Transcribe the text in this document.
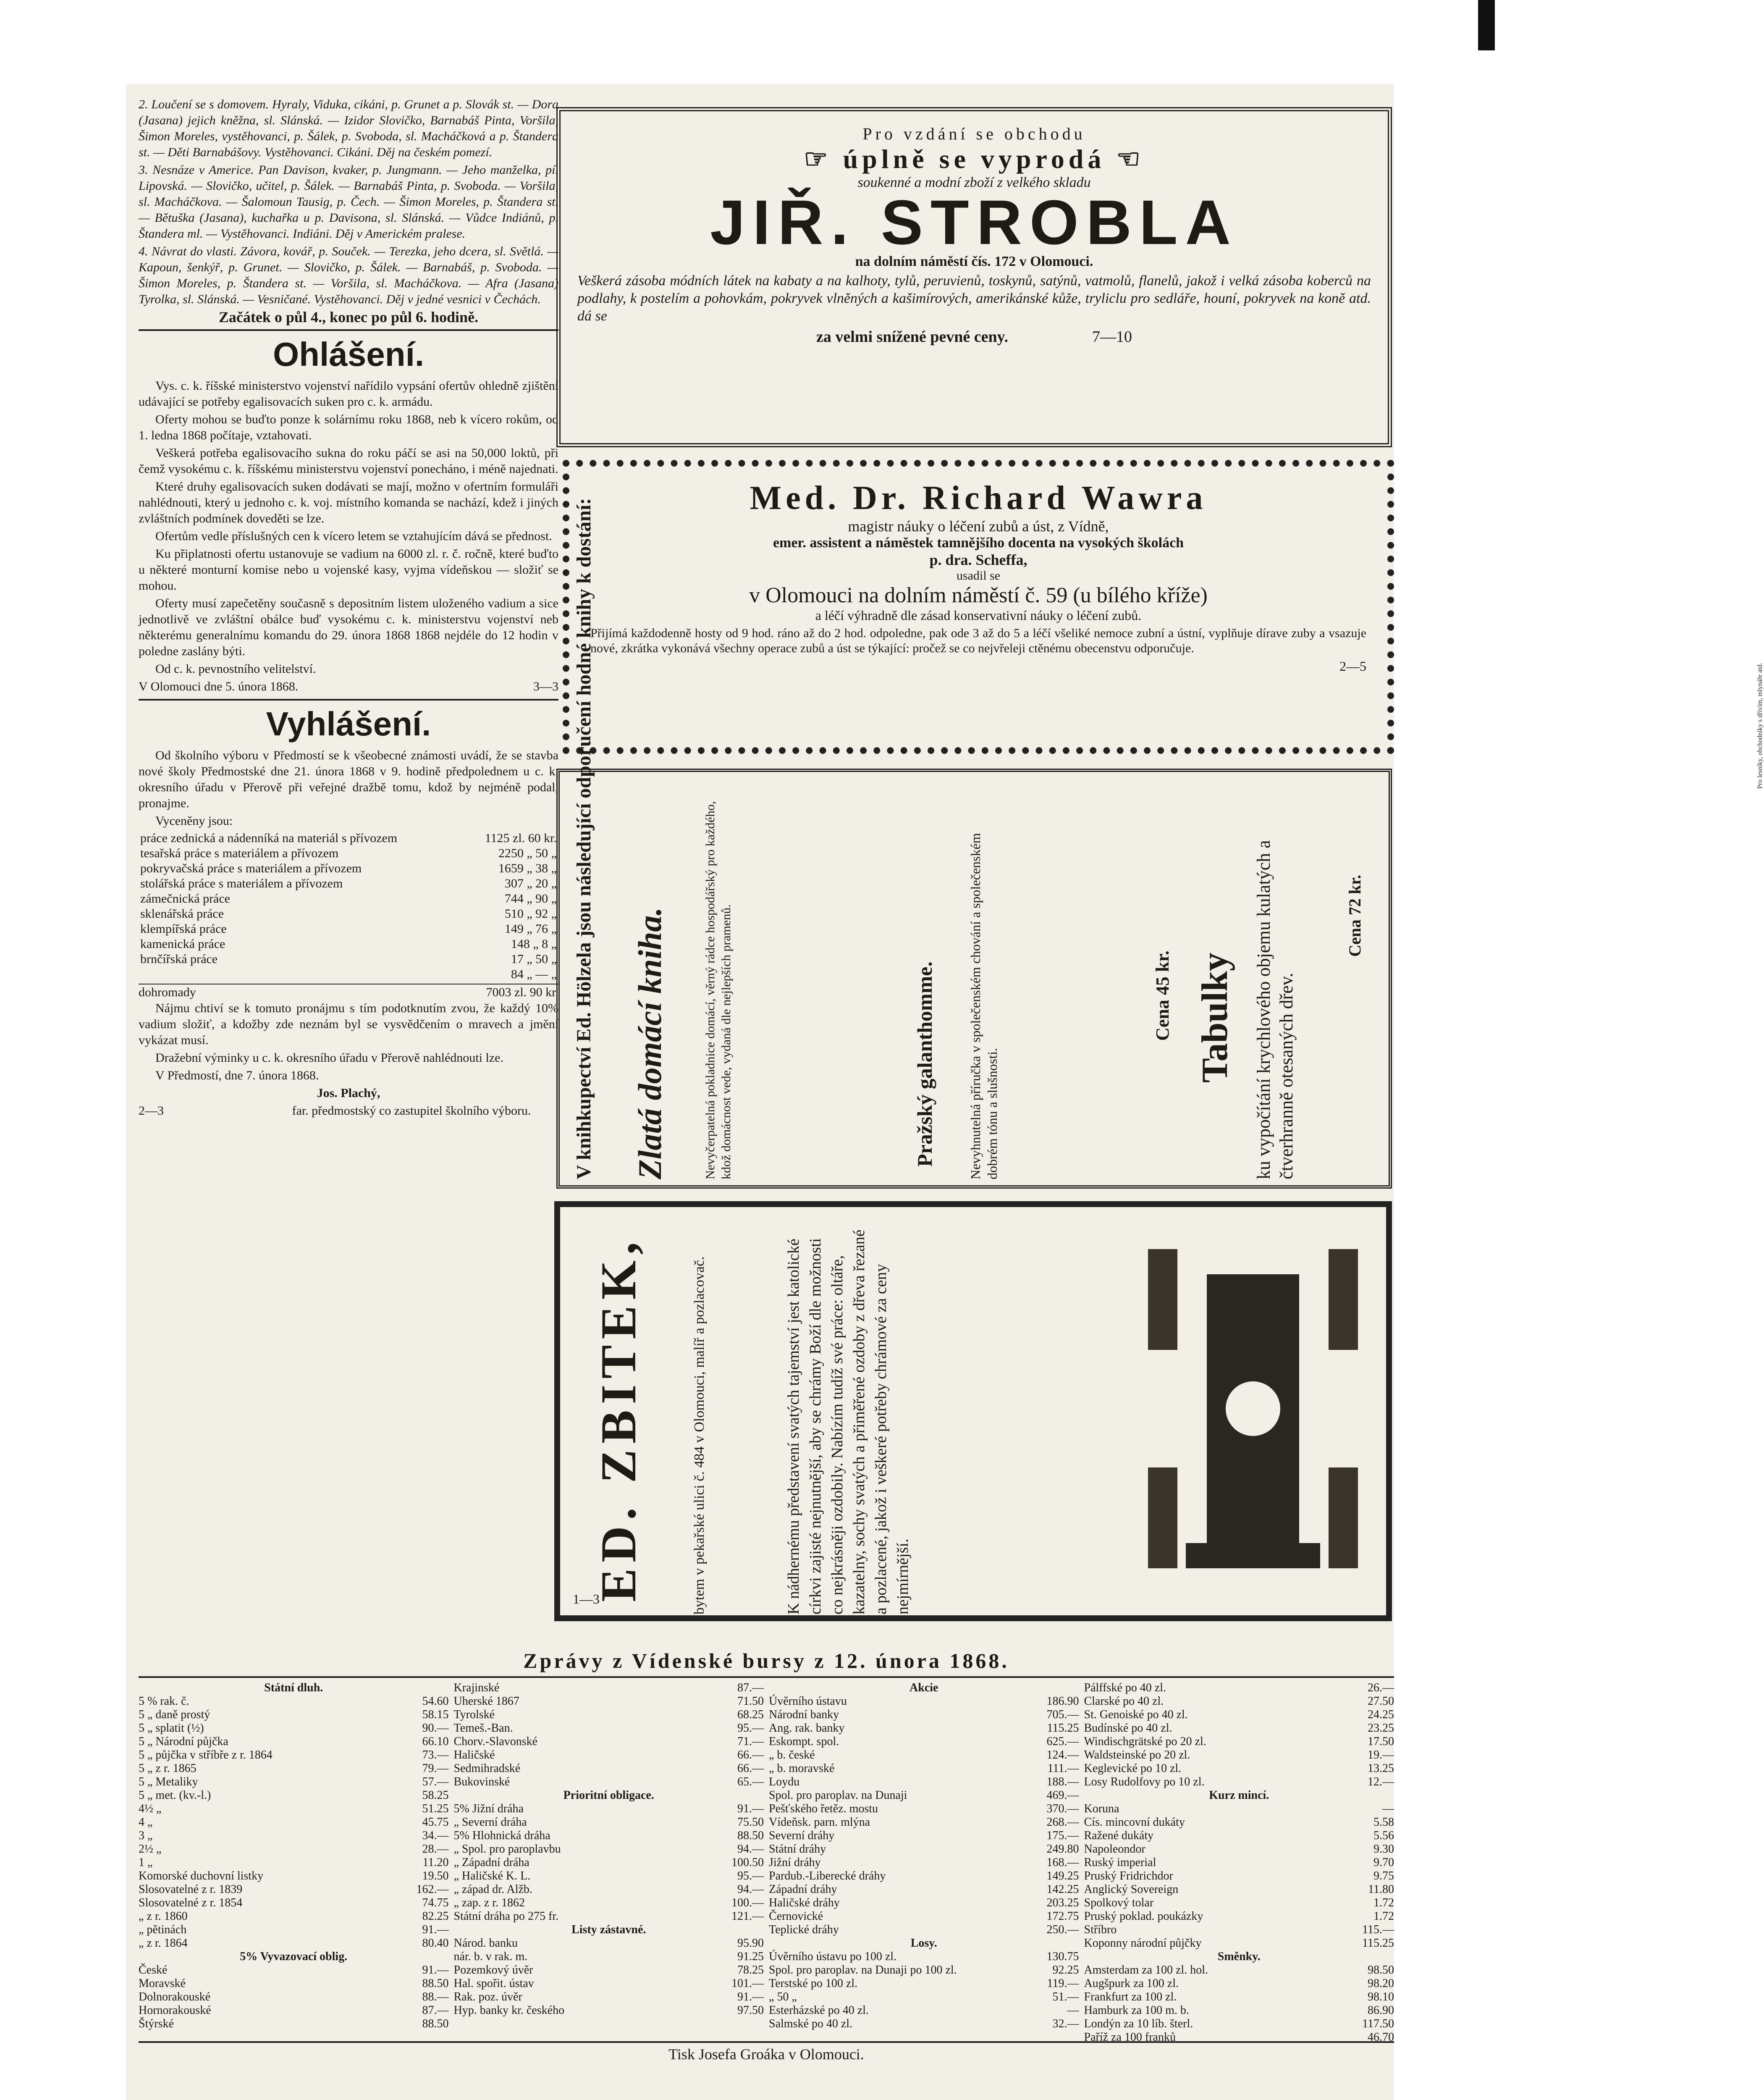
2. Loučení se s domovem. Hyraly, Viduka, cikáni, p. Grunet a p. Slovák st. — Dora (Jasana) jejich kněžna, sl. Slánská. — Izidor Slovičko, Barnabáš Pinta, Voršila, Šimon Moreles, vystěhovanci, p. Šálek, p. Svoboda, sl. Macháčková a p. Štandera st. — Děti Barnabášovy. Vystěhovanci. Cikáni. Děj na českém pomezí.

3. Nesnáze v Americe. Pan Davison, kvaker, p. Jungmann. — Jeho manželka, pí. Lipovská. — Slovičko, učitel, p. Šálek. — Barnabáš Pinta, p. Svoboda. — Voršila, sl. Macháčkova. — Šalomoun Tausig, p. Čech. — Šimon Moreles, p. Štandera st. — Bětuška (Jasana), kuchařka u p. Davisona, sl. Slánská. — Vůdce Indiánů, p. Štandera ml. — Vystěhovanci. Indiáni. Děj v Americkém pralese.

4. Návrat do vlasti. Závora, kovář, p. Souček. — Terezka, jeho dcera, sl. Světlá. — Kapoun, šenkýř, p. Grunet. — Slovičko, p. Šálek. — Barnabáš, p. Svoboda. — Šimon Moreles, p. Štandera st. — Voršila, sl. Macháčkova. — Afra (Jasana) Tyrolka, sl. Slánská. — Vesničané. Vystěhovanci. Děj v jedné vesnici v Čechách.

Začátek o půl 4., konec po půl 6. hodině.

Ohlášení.

Vys. c. k. říšské ministerstvo vojenství nařídilo vypsání ofertův ohledně zjištění udávající se potřeby egalisovacích suken pro c. k. armádu.

Oferty mohou se buďto ponze k solárnímu roku 1868, neb k vícero rokům, od 1. ledna 1868 počítaje, vztahovati.

Veškerá potřeba egalisovacího sukna do roku páčí se asi na 50,000 loktů, při čemž vysokému c. k. říšskému ministerstvu vojenství ponecháno, i méně najednati.

Které druhy egalisovacích suken dodávati se mají, možno v ofertním formuláři nahlédnouti, který u jednoho c. k. voj. místního komanda se nachází, kdež i jiných zvláštních podmínek doveděti se lze.

Ofertům vedle příslušných cen k vícero letem se vztahujícím dává se přednost.

Ku připlatnosti ofertu ustanovuje se vadium na 6000 zl. r. č. ročně, které buďto u některé monturní komise nebo u vojenské kasy, vyjma vídeňskou — složiť se mohou.

Oferty musí zapečetěny současně s depositním listem uloženého vadium a sice jednotlivě ve zvláštní obálce buď vysokému c. k. ministerstvu vojenství neb některému generalnímu komandu do 29. února 1868 1868 nejdéle do 12 hodin v poledne zaslány býti.

Od c. k. pevnostního velitelství.

V Olomouci dne 5. února 1868.	3—3
Vyhlášení.

Od školního výboru v Předmostí se k všeobecné známosti uvádí, že se stavba nové školy Předmostské dne 21. února 1868 v 9. hodině předpolednem u c. k. okresního úřadu v Přerově při veřejné dražbě tomu, kdož by nejméně podal, pronajme.

Vyceněny jsou:

práce zednická a nádenníká na materiál s přívozem	1125 zl. 60 kr.
tesařská práce s materiálem a přívozem	2250 „ 50 „
pokryvačská práce s materiálem a přívozem	1659 „ 38 „
stolářská práce s materiálem a přívozem	307 „ 20 „
zámečnická práce	744 „ 90 „
sklenářská práce	510 „ 92 „
klempířská práce	149 „ 76 „
kamenická práce	148 „ 8 „
brnčířská práce	17 „ 50 „
	84 „ — „
dohromady	7003 zl. 90 kr.

Nájmu chtiví se k tomuto pronájmu s tím podotknutím zvou, že každý 10% vadium složiť, a kdožby zde neznám byl se vysvědčením o mravech a jmění vykázat musí.

Dražební výminky u c. k. okresního úřadu v Přerově nahlédnouti lze.

V Předmostí, dne 7. února 1868.

Jos. Plachý,

2—3	far. předmostský co zastupitel školního výboru.
Pro vzdání se obchodu
☞ úplně se vyprodá ☜
soukenné a modní zboží z velkého skladu
JIŘ. STROBLA
na dolním náměstí čís. 172 v Olomouci.

Veškerá zásoba módních látek na kabaty a na kalhoty, tylů, peruvienů, toskynů, satýnů, vatmolů, flanelů, jakož i velká zásoba koberců na podlahy, k postelím a pohovkám, pokryvek vlněných a kašimírových, amerikánské kůže, tryliclu pro sedláře, houní, pokryvek na koně atd. dá se

za velmi snížené pevné ceny.	7—10
Med. Dr. Richard Wawra
magistr náuky o léčení zubů a úst, z Vídně,
emer. assistent a náměstek tamnějšího docenta na vysokých školách
p. dra. Scheffa,
usadil se
v Olomouci na dolním náměstí č. 59 (u bílého kříže)
a léčí výhradně dle zásad konservativní náuky o léčení zubů.

Přijímá každodenně hosty od 9 hod. ráno až do 2 hod. odpoledne, pak ode 3 až do 5 a léčí všeliké nemoce zubní a ústní, vyplňuje dírave zuby a vsazuje nové, zkrátka vykonává všechny operace zubů a úst se týkající: pročež se co nejvřeleji ctěnému obecenstvu odporučuje.

2—5
V knihkupectví Ed. Hölzela jsou následující odporučení hodné knihy k dostání: Zlatá domácí kniha.	Nevyčerpatelná pokladnice domácí, věrný rádce hospodářský pro každého, kdož domácnost vede, vydaná dle nejlepších pramenů.	Pražský galanthomme. Nevyhnutelná příručka v společenském chování a společenském dobrém tónu a slušnosti.
Cena 45 kr. Tabulky ku vypočítání krychlového objemu kulatých a čtverhranně otesaných dřev.
Cena 72 kr.
Pro lesníky, obchodníky s dřívím, mlynáře atd.
ED. ZBITEK,	bytem v pekařské ulici č. 484 v Olomouci, malíř a pozlacovač.	K nádhernému představení svatých tajemství jest katolické církvi zajisté nejnutnější, aby se chrámy Boží dle možnosti co nejkrásněji ozdobily. Nabízím tudíž své práce: oltáře, kazatelny, sochy svatých a přiměřené ozdoby z dřeva řezané a pozlacené, jakož i veškeré potřeby chrámové za ceny nejmírnější.
1—3
Zprávy z Vídenské bursy z 12. února 1868.
Státní dluh.
5 % rak. č.	54.60
5 „ daně prostý	58.15
5 „ splatit (½)	90.—
5 „ Národní půjčka	66.10
5 „ půjčka v stříbře z r. 1864	73.—
5 „ z r. 1865	79.—
5 „ Metaliky	57.—
5 „ met. (kv.-l.)	58.25
4½ „	51.25
4 „	45.75
3 „	34.—
2½ „	28.—
1 „	11.20
Komorské duchovní listky	19.50
Slosovatelné z r. 1839	162.—
Slosovatelné z r. 1854	74.75
„ z r. 1860	82.25
„ pětinách	91.—
„ z r. 1864	80.40
5% Vyvazovací oblig.
České	91.—
Moravské	88.50
Dolnorakouské	88.—
Hornorakouské	87.—
Štýrské	88.50
Krajinské	87.—
Uherské 1867	71.50
Tyrolské	68.25
Temeš.-Ban.	95.—
Chorv.-Slavonské	71.—
Haličské	66.—
Sedmihradské	66.—
Bukovinské	65.—
Prioritní obligace.
5% Jižní dráha	91.—
„ Severní dráha	75.50
5% Hlohnická dráha	88.50
„ Spol. pro paroplavbu	94.—
„ Západní dráha	100.50
„ Haličské K. L.	95.—
„ západ dr. Alžb.	94.—
„ zap. z r. 1862	100.—
Státní dráha po 275 fr.	121.—
Listy zástavné.
Národ. banku	95.90
nár. b. v rak. m.	91.25
Pozemkový úvěr	78.25
Hal. spořit. ústav	101.—
Rak. poz. úvěr	91.—
Hyp. banky kr. českého	97.50
Akcie
Úvěrního ústavu	186.90
Národní banky	705.—
Ang. rak. banky	115.25
Eskompt. spol.	625.—
„ b. české	124.—
„ b. moravské	111.—
Loydu	188.—
Spol. pro paroplav. na Dunaji	469.—
Pešťského řetěz. mostu	370.—
Vídeňsk. parn. mlýna	268.—
Severní dráhy	175.—
Státní dráhy	249.80
Jižní dráhy	168.—
Pardub.-Liberecké dráhy	149.25
Západní dráhy	142.25
Haličské dráhy	203.25
Černovické	172.75
Teplické dráhy	250.—
Losy.
Úvěrního ústavu po 100 zl.	130.75
Spol. pro paroplav. na Dunaji po 100 zl.	92.25
Terstské po 100 zl.	119.—
„ 50 „	51.—
Esterházské po 40 zl.	—
Salmské po 40 zl.	32.—
Pálffské po 40 zl.	26.—
Clarské po 40 zl.	27.50
St. Genoiské po 40 zl.	24.25
Budínské po 40 zl.	23.25
Windischgrätské po 20 zl.	17.50
Waldsteinské po 20 zl.	19.—
Keglevické po 10 zl.	13.25
Losy Rudolfovy po 10 zl.	12.—
Kurz mincí.
Koruna	—
Cís. mincovní dukáty	5.58
Ražené dukáty	5.56
Napoleondor	9.30
Ruský imperial	9.70
Pruský Fridrichdor	9.75
Anglický Sovereign	11.80
Spolkový tolar	1.72
Pruský poklad. poukázky	1.72
Stříbro	115.—
Koponny národní půjčky	115.25
Směnky.
Amsterdam za 100 zl. hol.	98.50
Augšpurk za 100 zl.	98.20
Frankfurt za 100 zl.	98.10
Hamburk za 100 m. b.	86.90
Londýn za 10 líb. šterl.	117.50
Paříž za 100 franků	46.70
Tisk Josefa Groáka v Olomouci.
